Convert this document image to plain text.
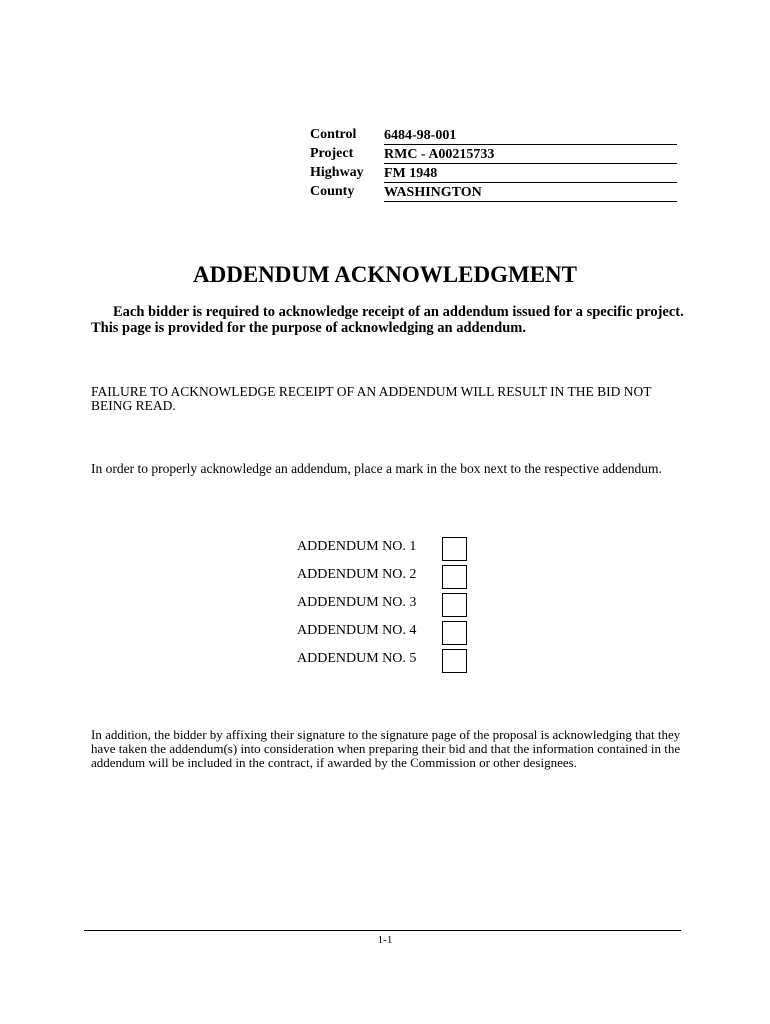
Control 6484-98-001
Project RMC - A00215733
Highway FM 1948
County WASHINGTON
ADDENDUM ACKNOWLEDGMENT
Each bidder is required to acknowledge receipt of an addendum issued for a specific project. This page is provided for the purpose of acknowledging an addendum.
FAILURE TO ACKNOWLEDGE RECEIPT OF AN ADDENDUM WILL RESULT IN THE BID NOT BEING READ.
In order to properly acknowledge an addendum, place a mark in the box next to the respective addendum.
ADDENDUM NO. 1
ADDENDUM NO. 2
ADDENDUM NO. 3
ADDENDUM NO. 4
ADDENDUM NO. 5
In addition, the bidder by affixing their signature to the signature page of the proposal is acknowledging that they have taken the addendum(s) into consideration when preparing their bid and that the information contained in the addendum will be included in the contract, if awarded by the Commission or other designees.
1-1
